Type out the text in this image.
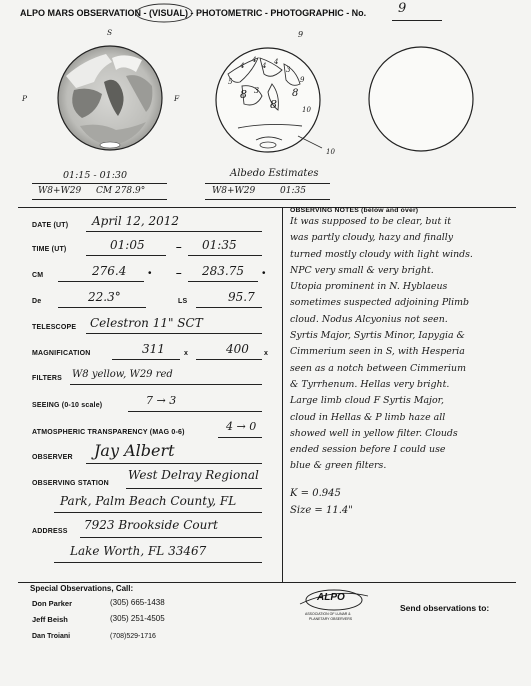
ALPO MARS OBSERVATION - (VISUAL) - PHOTOMETRIC - PHOTOGRAPHIC - No. 9
S
P	F
01:15 - 01:30
W8+W29 CM 278.9°
9
4
4
4 4
3
5
8 3
8
8
10
9
10
Albedo Estimates
W8+W29	01:35
DATE (UT) April 12, 2012
TIME (UT)	01:05	– 01:35
CM	276.4 • – 283.75 •
De	22.3°	LS	95.7
TELESCOPE Celestron 11" SCT
MAGNIFICATION	311	x	400 x
FILTERS W8 yellow, W29 red
SEEING (0-10 scale)	7 → 3
ATMOSPHERIC TRANSPARENCY (MAG 0-6)	4 → 0
OBSERVER Jay Albert
OBSERVING STATION
West Delray Regional
Park, Palm Beach County, FL
ADDRESS 7923 Brookside Court
Lake Worth, FL 33467
OBSERVING NOTES (below and over)
It was supposed to be clear, but it
was partly cloudy, hazy and finally
turned mostly cloudy with light winds.
NPC very small & very bright.
Utopia prominent in N. Hyblaeus
sometimes suspected adjoining Plimb
cloud. Nodus Alcyonius not seen.
Syrtis Major, Syrtis Minor, Iapygia &
Cimmerium seen in S, with Hesperia
seen as a notch between Cimmerium
& Tyrrhenum. Hellas very bright.
Large limb cloud F Syrtis Major,
cloud in Hellas & P limb haze all
showed well in yellow filter. Clouds
ended session before I could use
blue & green filters.
K = 0.945
Size = 11.4"
Special Observations, Call:
Don Parker	(305) 665-1438
Jeff Beish	(305) 251-4505
Dan Troiani	(708)529-1716
ALPO
ASSOCIATION OF LUNAR &
PLANETARY OBSERVERS
Send observations to:
